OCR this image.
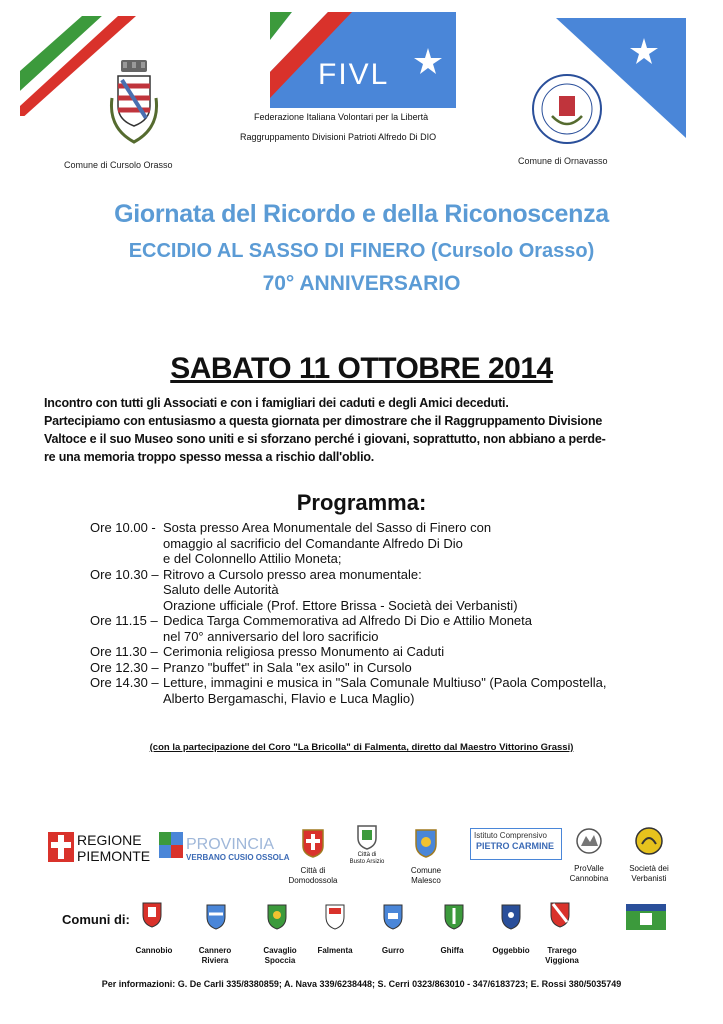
Comune di Cursolo Orasso
FIVL
Federazione Italiana Volontari per la Libertà
Raggruppamento Divisioni Patrioti Alfredo Di DIO
Comune di Ornavasso
Giornata del Ricordo e della Riconoscenza
ECCIDIO AL SASSO DI FINERO (Cursolo Orasso)
70° ANNIVERSARIO
SABATO 11 OTTOBRE 2014
Incontro con tutti gli Associati e con i famigliari dei caduti e degli Amici deceduti.
Partecipiamo con entusiasmo a questa giornata per dimostrare che il Raggruppamento Divisione
Valtoce e il suo Museo sono uniti e si sforzano perché i giovani, soprattutto, non abbiano a perde-
re una memoria troppo spesso messa a rischio dall'oblio.
Programma:
Ore 10.00 - Sosta presso Area Monumentale del Sasso di Finero con
omaggio al sacrificio del Comandante Alfredo Di Dio
e del Colonnello Attilio Moneta;
Ore 10.30 – Ritrovo a Cursolo presso area monumentale:
Saluto delle Autorità
Orazione ufficiale (Prof. Ettore Brissa - Società dei Verbanisti)
Ore 11.15 – Dedica Targa Commemorativa ad Alfredo Di Dio e Attilio Moneta
nel 70° anniversario del loro sacrificio
Ore 11.30 – Cerimonia religiosa presso Monumento ai Caduti
Ore 12.30 – Pranzo "buffet" in Sala "ex asilo" in Cursolo
Ore 14.30 – Letture, immagini e musica in "Sala Comunale Multiuso" (Paola Compostella,
Alberto Bergamaschi, Flavio e Luca Maglio)
(con la partecipazione del Coro "La Bricolla" di Falmenta, diretto dal Maestro Vittorino Grassi)
REGIONE
PIEMONTE
PROVINCIA
VERBANO CUSIO OSSOLA
Città di
Domodossola
Città di
Busto Arsizio
Comune
Malesco
Istituto Comprensivo
PIETRO CARMINE
ProValle
Cannobina
Società dei
Verbanisti
Comuni di:
Cannobio	Cannero
Riviera
Cavaglio
Spoccia
Falmenta	Gurro	Ghiffa	Oggebbio	Trarego
Viggiona
Per informazioni: G. De Carli 335/8380859; A. Nava 339/6238448; S. Cerri 0323/863010 - 347/6183723; E. Rossi 380/5035749
